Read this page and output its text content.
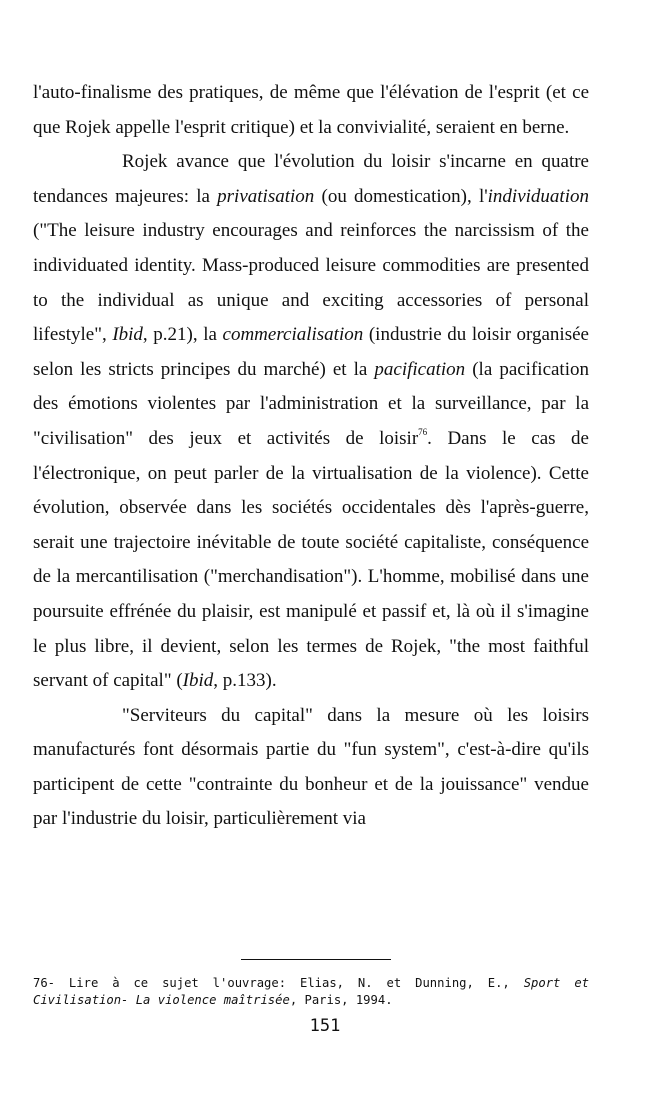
l'auto-finalisme des pratiques, de même que l'élévation de l'esprit (et ce que Rojek appelle l'esprit critique) et la convivialité, seraient en berne.

Rojek avance que l'évolution du loisir s'incarne en quatre tendances majeures: la privatisation (ou domestication), l'individuation ("The leisure industry encourages and reinforces the narcissism of the individuated identity. Mass-produced leisure commodities are presented to the individual as unique and exciting accessories of personal lifestyle", Ibid, p.21), la commercialisation (industrie du loisir organisée selon les stricts principes du marché) et la pacification (la pacification des émotions violentes par l'administration et la surveillance, par la "civilisation" des jeux et activités de loisir$^{76}$. Dans le cas de l'électronique, on peut parler de la virtualisation de la violence). Cette évolution, observée dans les sociétés occidentales dès l'après-guerre, serait une trajectoire inévitable de toute société capitaliste, conséquence de la mercantilisation ("merchandisation"). L'homme, mobilisé dans une poursuite effrénée du plaisir, est manipulé et passif et, là où il s'imagine le plus libre, il devient, selon les termes de Rojek, "the most faithful servant of capital" (Ibid, p.133).

"Serviteurs du capital" dans la mesure où les loisirs manufacturés font désormais partie du "fun system", c'est-à-dire qu'ils participent de cette "contrainte du bonheur et de la jouissance" vendue par l'industrie du loisir, particulièrement via

76- Lire à ce sujet l'ouvrage: Elias, N. et Dunning, E., Sport et Civilisation- La violence maîtrisée, Paris, 1994.
151
